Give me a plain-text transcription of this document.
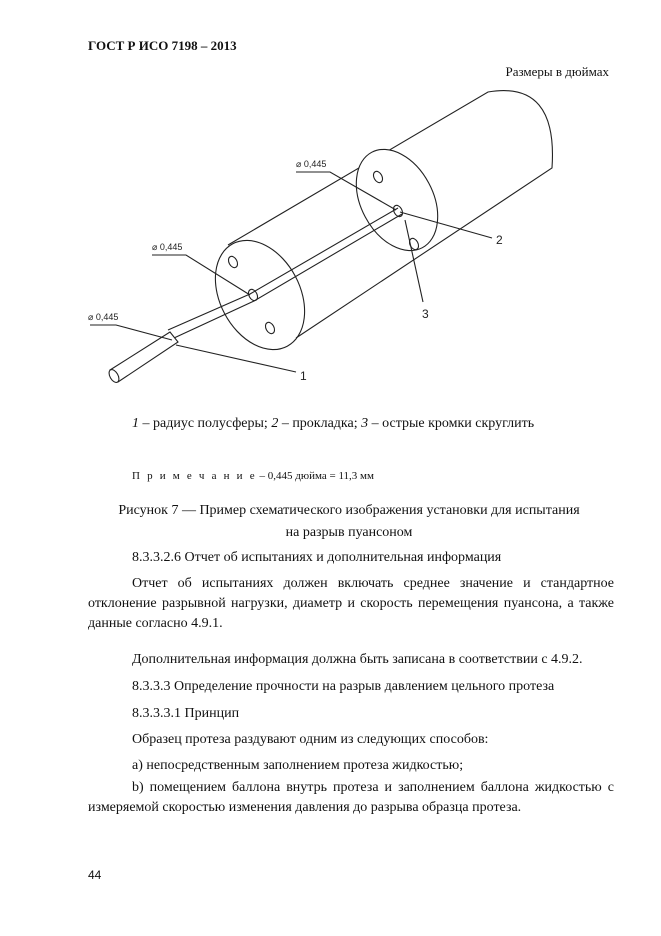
ГОСТ Р ИСО 7198 – 2013
Размеры в дюймах
⌀ 0,445
⌀ 0,445
⌀ 0,445
1
2
3
1 – радиус полусферы; 2 – прокладка; 3 – острые кромки скруглить
П р и м е ч а н и е – 0,445 дюйма = 11,3 мм
Рисунок 7 — Пример схематического изображения установки для испытания
на разрыв пуансоном
8.3.3.2.6 Отчет об испытаниях и дополнительная информация
Отчет об испытаниях должен включать среднее значение и стандартное отклонение разрывной нагрузки, диаметр и скорость перемещения пуансона, а также данные согласно 4.9.1.
Дополнительная информация должна быть записана в соответствии с 4.9.2.
8.3.3.3 Определение прочности на разрыв давлением цельного протеза
8.3.3.3.1 Принцип
Образец протеза раздувают одним из следующих способов:
a) непосредственным заполнением протеза жидкостью;
b) помещением баллона внутрь протеза и заполнением баллона жидкостью с измеряемой скоростью изменения давления до разрыва образца протеза.
44
